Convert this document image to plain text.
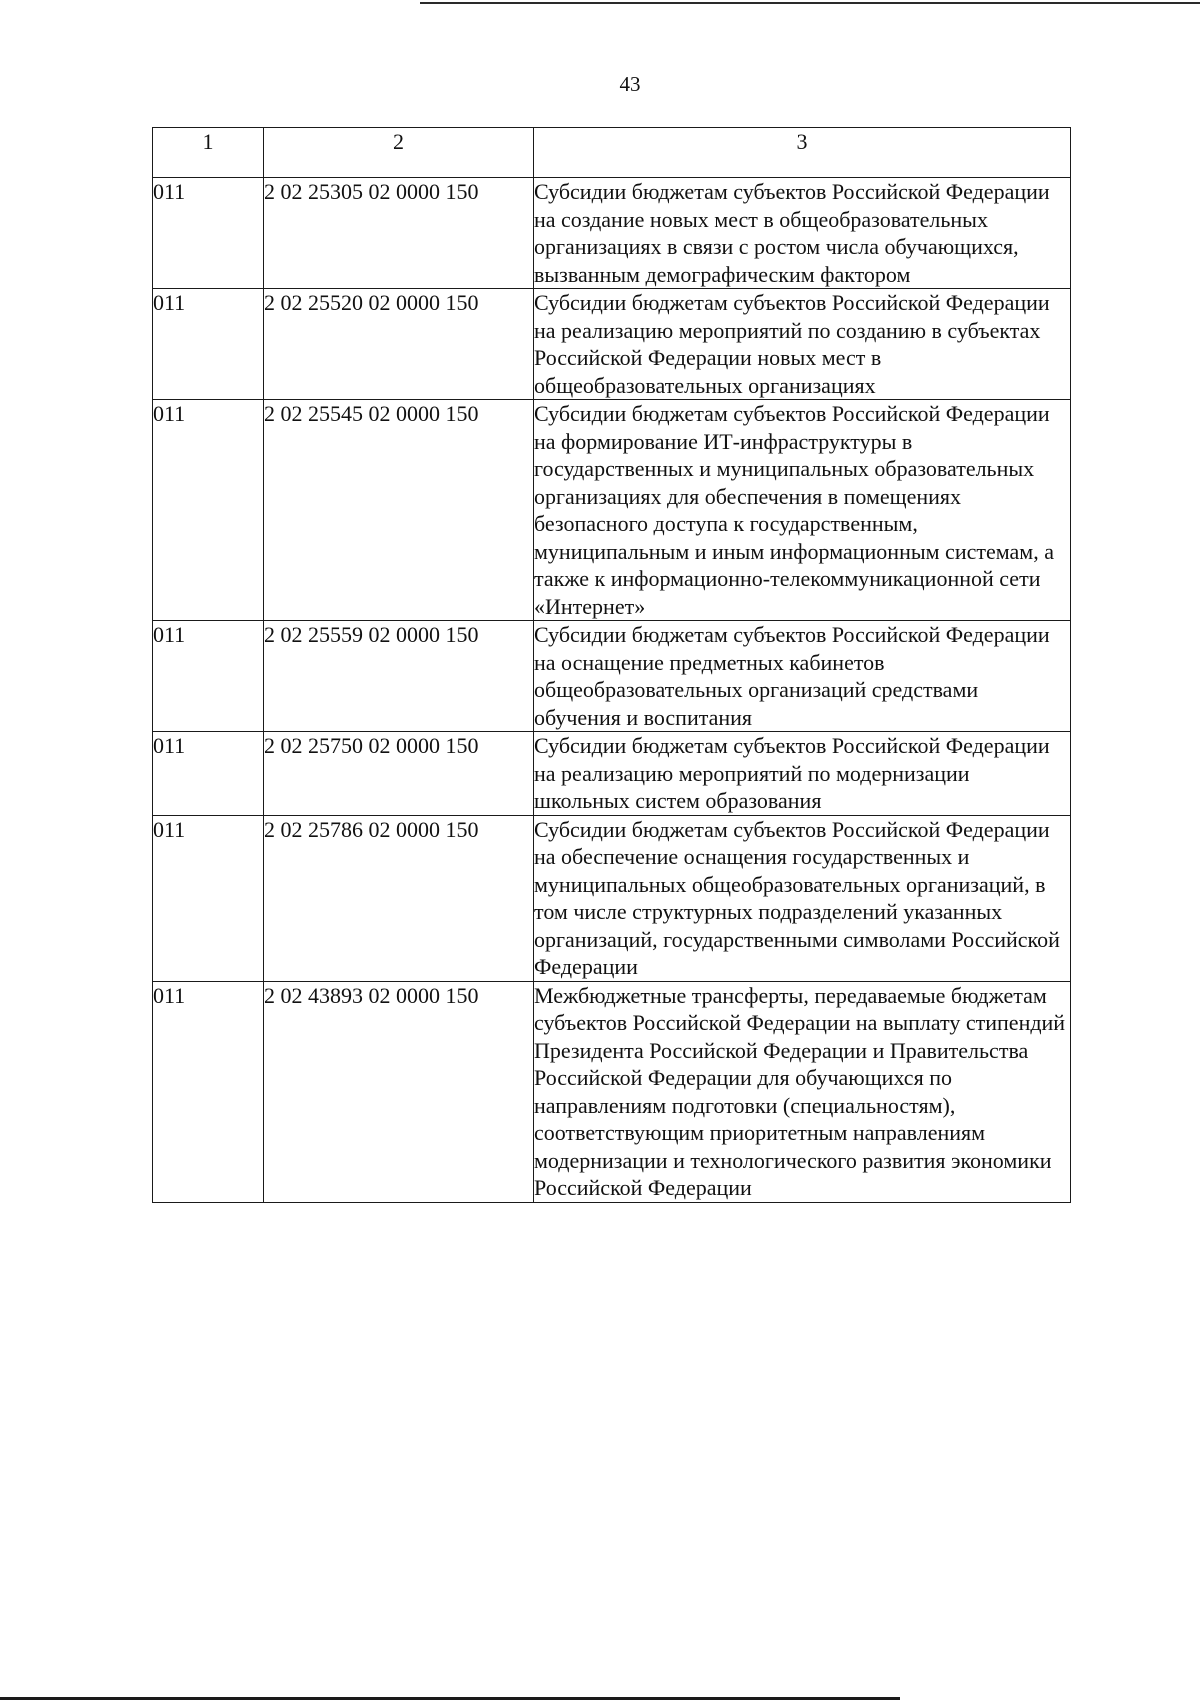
43
1	2	3
011	2 02 25305 02 0000 150	Субсидии бюджетам субъектов Российской Федерации на создание новых мест в общеобразовательных организациях в связи с ростом числа обучающихся, вызванным демографическим фактором
011	2 02 25520 02 0000 150	Субсидии бюджетам субъектов Российской Федерации на реализацию мероприятий по созданию в субъектах Российской Федерации новых мест в общеобразовательных организациях
011	2 02 25545 02 0000 150	Субсидии бюджетам субъектов Российской Федерации на формирование ИТ-инфраструктуры в государственных и муниципальных образовательных организациях для обеспечения в помещениях безопасного доступа к государственным, муниципальным и иным информационным системам, а также к информационно-телекоммуникационной сети «Интернет»
011	2 02 25559 02 0000 150	Субсидии бюджетам субъектов Российской Федерации на оснащение предметных кабинетов общеобразовательных организаций средствами обучения и воспитания
011	2 02 25750 02 0000 150	Субсидии бюджетам субъектов Российской Федерации на реализацию мероприятий по модернизации школьных систем образования
011	2 02 25786 02 0000 150	Субсидии бюджетам субъектов Российской Федерации на обеспечение оснащения государственных и муниципальных общеобразовательных организаций, в том числе структурных подразделений указанных организаций, государственными символами Российской Федерации
011	2 02 43893 02 0000 150	Межбюджетные трансферты, передаваемые бюджетам субъектов Российской Федерации на выплату стипендий Президента Российской Федерации и Правительства Российской Федерации для обучающихся по направлениям подготовки (специальностям), соответствующим приоритетным направлениям модернизации и технологического развития экономики Российской Федерации
